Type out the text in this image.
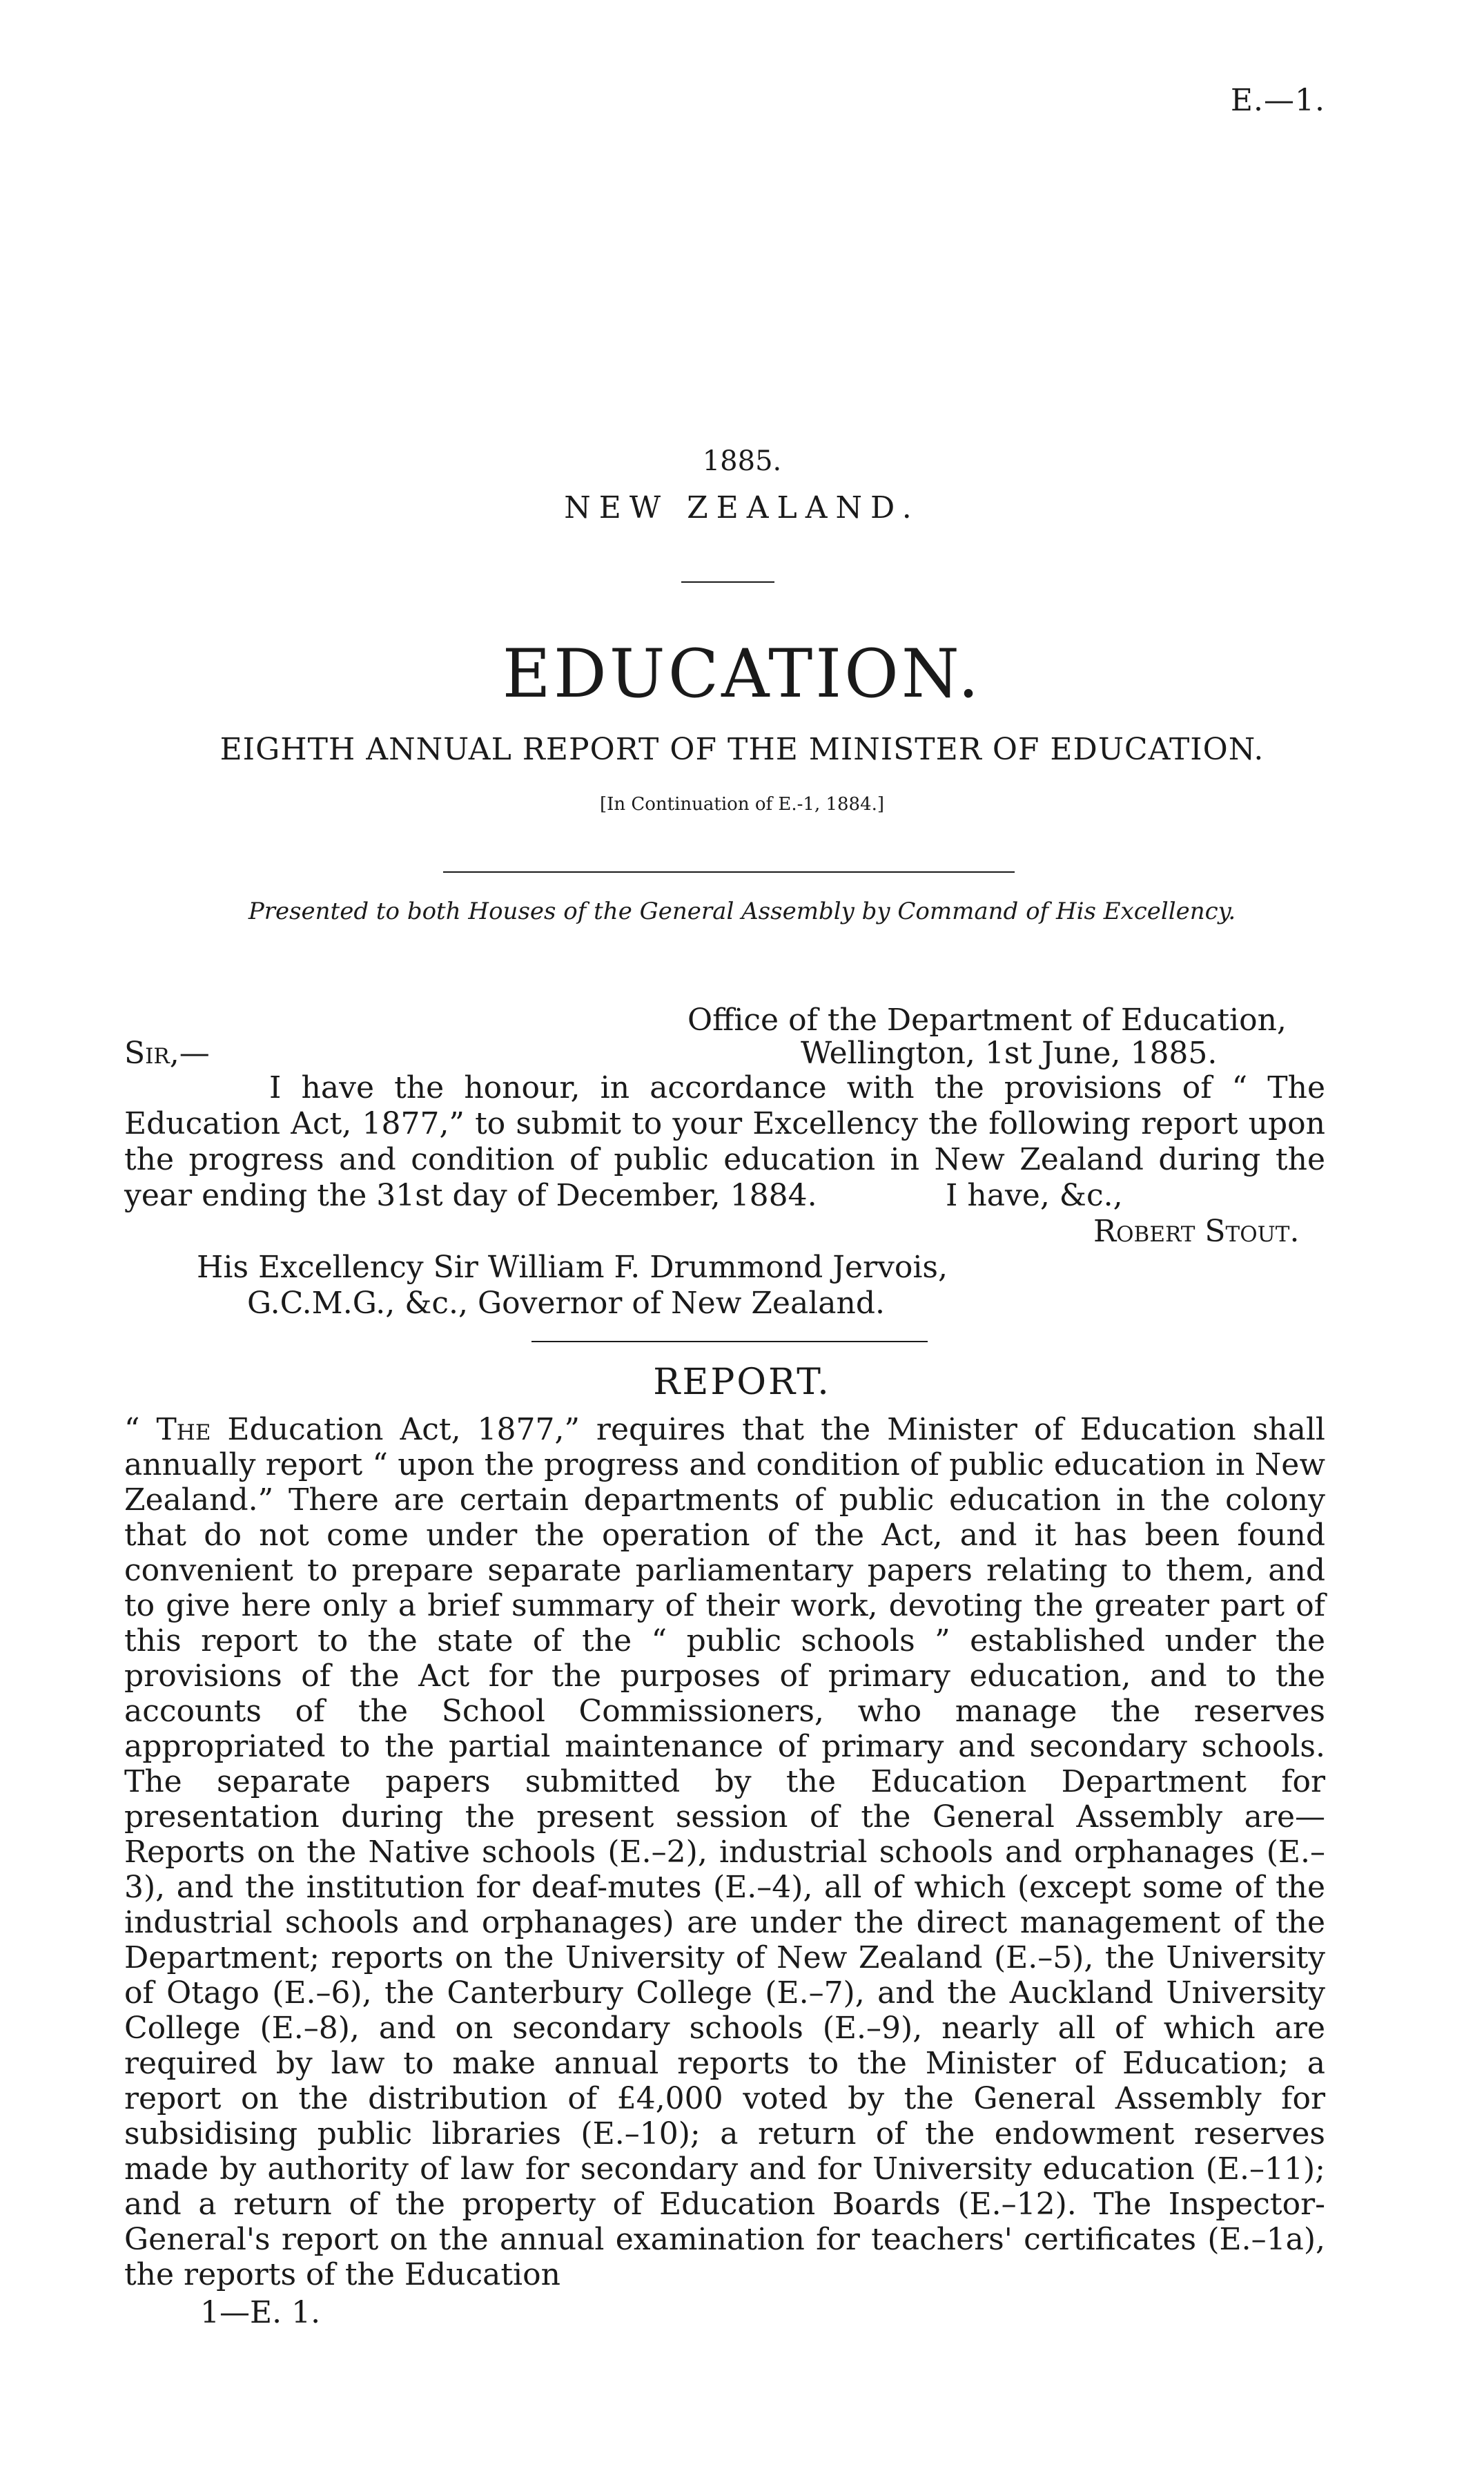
E.—1.
1885.
NEW ZEALAND.
EDUCATION.
EIGHTH ANNUAL REPORT OF THE MINISTER OF EDUCATION.
[In Continuation of E.-1, 1884.]
Presented to both Houses of the General Assembly by Command of His Excellency.
Office of the Department of Education,
Sir,—	Wellington, 1st June, 1885.
I have the honour, in accordance with the provisions of “ The Education Act, 1877,” to submit to your Excellency the following report upon the progress and condition of public education in New Zealand during the year ending the 31st day of December, 1884.	I have, &c.,
Robert Stout.
His Excellency Sir William F. Drummond Jervois,
G.C.M.G., &c., Governor of New Zealand.
REPORT.
“ The Education Act, 1877,” requires that the Minister of Education shall annually report “ upon the progress and condition of public education in New Zealand.” There are certain departments of public education in the colony that do not come under the operation of the Act, and it has been found convenient to prepare separate parliamentary papers relating to them, and to give here only a brief summary of their work, devoting the greater part of this report to the state of the “ public schools ” established under the provisions of the Act for the purposes of primary education, and to the accounts of the School Commissioners, who manage the reserves appropriated to the partial maintenance of primary and secondary schools. The separate papers submitted by the Education Department for presentation during the present session of the General Assembly are—Reports on the Native schools (E.–2), industrial schools and orphanages (E.–3), and the institution for deaf-mutes (E.–4), all of which (except some of the industrial schools and orphanages) are under the direct management of the Department; reports on the University of New Zealand (E.–5), the University of Otago (E.–6), the Canterbury College (E.–7), and the Auckland University College (E.–8), and on secondary schools (E.–9), nearly all of which are required by law to make annual reports to the Minister of Education; a report on the distribution of £4,000 voted by the General Assembly for subsidising public libraries (E.–10); a return of the endowment reserves made by authority of law for secondary and for University education (E.–11); and a return of the property of Education Boards (E.–12). The Inspector-General's report on the annual examination for teachers' certificates (E.–1a), the reports of the Education
1—E. 1.
